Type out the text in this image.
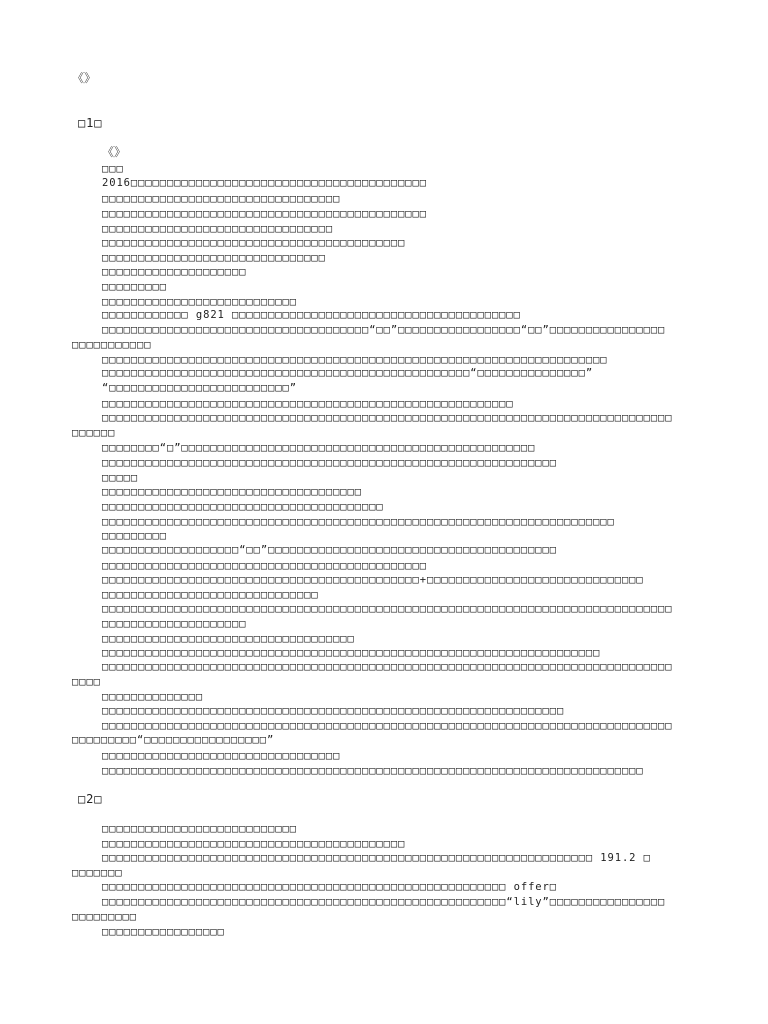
《》
□1□
《》
□□□
2016□□□□□□□□□□□□□□□□□□□□□□□□□□□□□□□□□□□□□□□□□
□□□□□□□□□□□□□□□□□□□□□□□□□□□□□□□□□
□□□□□□□□□□□□□□□□□□□□□□□□□□□□□□□□□□□□□□□□□□□□□
□□□□□□□□□□□□□□□□□□□□□□□□□□□□□□□□
□□□□□□□□□□□□□□□□□□□□□□□□□□□□□□□□□□□□□□□□□□
□□□□□□□□□□□□□□□□□□□□□□□□□□□□□□□
□□□□□□□□□□□□□□□□□□□□
□□□□□□□□□
□□□□□□□□□□□□□□□□□□□□□□□□□□□
□□□□□□□□□□□□ g821 □□□□□□□□□□□□□□□□□□□□□□□□□□□□□□□□□□□□□□□□
□□□□□□□□□□□□□□□□□□□□□□□□□□□□□□□□□□□□□“□□”□□□□□□□□□□□□□□□□□“□□”□□□□□□□□□□□□□□□□
□□□□□□□□□□□
□□□□□□□□□□□□□□□□□□□□□□□□□□□□□□□□□□□□□□□□□□□□□□□□□□□□□□□□□□□□□□□□□□□□□□
□□□□□□□□□□□□□□□□□□□□□□□□□□□□□□□□□□□□□□□□□□□□□□□□□□□“□□□□□□□□□□□□□□□”
“□□□□□□□□□□□□□□□□□□□□□□□□□”
□□□□□□□□□□□□□□□□□□□□□□□□□□□□□□□□□□□□□□□□□□□□□□□□□□□□□□□□□
□□□□□□□□□□□□□□□□□□□□□□□□□□□□□□□□□□□□□□□□□□□□□□□□□□□□□□□□□□□□□□□□□□□□□□□□□□□□□□□
□□□□□□
□□□□□□□□“□”□□□□□□□□□□□□□□□□□□□□□□□□□□□□□□□□□□□□□□□□□□□□□□□□□
□□□□□□□□□□□□□□□□□□□□□□□□□□□□□□□□□□□□□□□□□□□□□□□□□□□□□□□□□□□□□□□
□□□□□
□□□□□□□□□□□□□□□□□□□□□□□□□□□□□□□□□□□□
□□□□□□□□□□□□□□□□□□□□□□□□□□□□□□□□□□□□□□□
□□□□□□□□□□□□□□□□□□□□□□□□□□□□□□□□□□□□□□□□□□□□□□□□□□□□□□□□□□□□□□□□□□□□□□□
□□□□□□□□□
□□□□□□□□□□□□□□□□□□□“□□”□□□□□□□□□□□□□□□□□□□□□□□□□□□□□□□□□□□□□□□□
□□□□□□□□□□□□□□□□□□□□□□□□□□□□□□□□□□□□□□□□□□□□□
□□□□□□□□□□□□□□□□□□□□□□□□□□□□□□□□□□□□□□□□□□□□+□□□□□□□□□□□□□□□□□□□□□□□□□□□□□□
□□□□□□□□□□□□□□□□□□□□□□□□□□□□□□
□□□□□□□□□□□□□□□□□□□□□□□□□□□□□□□□□□□□□□□□□□□□□□□□□□□□□□□□□□□□□□□□□□□□□□□□□□□□□□□
□□□□□□□□□□□□□□□□□□□□
□□□□□□□□□□□□□□□□□□□□□□□□□□□□□□□□□□□
□□□□□□□□□□□□□□□□□□□□□□□□□□□□□□□□□□□□□□□□□□□□□□□□□□□□□□□□□□□□□□□□□□□□□
□□□□□□□□□□□□□□□□□□□□□□□□□□□□□□□□□□□□□□□□□□□□□□□□□□□□□□□□□□□□□□□□□□□□□□□□□□□□□□□
□□□□
□□□□□□□□□□□□□□
□□□□□□□□□□□□□□□□□□□□□□□□□□□□□□□□□□□□□□□□□□□□□□□□□□□□□□□□□□□□□□□□
□□□□□□□□□□□□□□□□□□□□□□□□□□□□□□□□□□□□□□□□□□□□□□□□□□□□□□□□□□□□□□□□□□□□□□□□□□□□□□□
□□□□□□□□□“□□□□□□□□□□□□□□□□□”
□□□□□□□□□□□□□□□□□□□□□□□□□□□□□□□□□
□□□□□□□□□□□□□□□□□□□□□□□□□□□□□□□□□□□□□□□□□□□□□□□□□□□□□□□□□□□□□□□□□□□□□□□□□□□
□2□
□□□□□□□□□□□□□□□□□□□□□□□□□□□
□□□□□□□□□□□□□□□□□□□□□□□□□□□□□□□□□□□□□□□□□□
□□□□□□□□□□□□□□□□□□□□□□□□□□□□□□□□□□□□□□□□□□□□□□□□□□□□□□□□□□□□□□□□□□□□ 191.2 □
□□□□□□□
□□□□□□□□□□□□□□□□□□□□□□□□□□□□□□□□□□□□□□□□□□□□□□□□□□□□□□□□ offer□
□□□□□□□□□□□□□□□□□□□□□□□□□□□□□□□□□□□□□□□□□□□□□□□□□□□□□□□□“lily”□□□□□□□□□□□□□□□□
□□□□□□□□□
□□□□□□□□□□□□□□□□□
